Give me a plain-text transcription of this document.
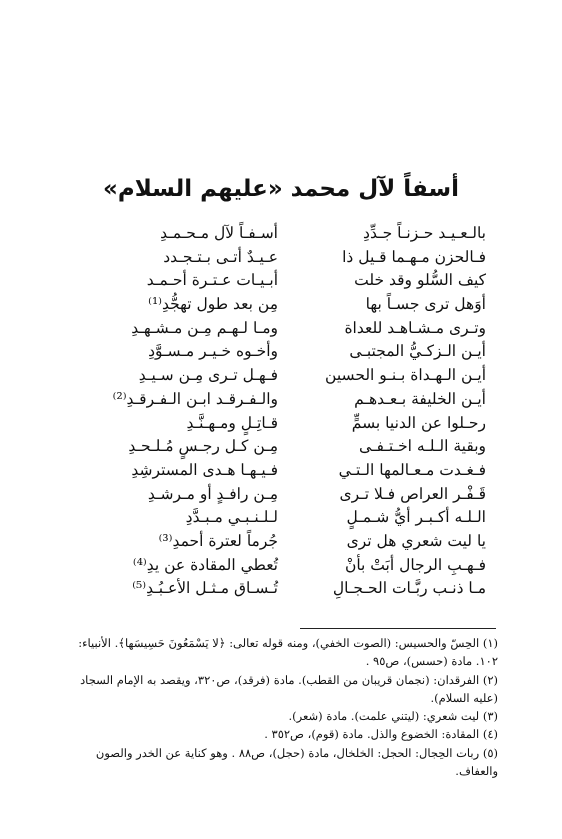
أسفاً لآل محمد «عليهم السلام»
بالـعـيـد حـزنـاً جـدِّدِ
أسـفـاً لآل مـحـمـدِ
فـالحزن مـهـما قـيل ذا
عـيـدٌ أتـى بـتـجـدد
كيف السُّلو وقد خلت
أبـيـات عـتـرة أحـمـد
أوَهل ترى جسـاً بها
مِن بعد طول تهجُّدِ⁽¹⁾
وتـرى مـشـاهـد للعداة
ومـا لـهـم مِـن مـشـهـدِ
أيـن الـزكـيُّ المجتبـى
وأخـوه خـيـر مـسـوَّدِ
أيـن الـهـداة بـنـو الحسين
فـهـل تـرى مِـن سـيـدِ
أيـن الخليفة بـعـدهـم
والـفـرقـد ابـن الـفـرقـدِ⁽²⁾
رحـلوا عن الدنيا بسمٍّ
قـاتِـلٍ ومـهـنَّـدِ
وبقية الـلـه اخـتـفـى
مِـن كـل رجـسٍ مُـلـحـدِ
فـغـدت مـعـالمها الـتـي
فـيـهـا هـدى المسترشِدِ
قَـفْـر العراص فـلا تـرى
مِـن رافـدٍ أو مـرشـدِ
الـلـه أكـبـر أيُّ شـمـلٍ
لـلـنـبـي مـبـدَّدِ
يا ليت شعري هل ترى
جُرماً لعترة أحمدِ⁽³⁾
فـهـبِ الرجال أبَتْ بأنْ
تُعطي المقادة عن يدِ⁽⁴⁾
مـا ذنـب ربَّـات الحـجـالِ
تُـسـاق مـثـل الأعـبُـدِ⁽⁵⁾
(١) الحِسّ والحسيس: (الصوت الخفي)، ومنه قوله تعالى: ﴿لا يَسْمَعُونَ حَسِيسَها﴾. الأنبياء: ١٠٢. مادة (حسس)، ص٩٥ .
(٢) الفرقدان: (نجمان قريبان من القطب). مادة (فرقد)، ص٣٢٠، ويقصد به الإمام السجاد (عليه السلام).
(٣) ليت شعري: (ليتني علمت). مادة (شعر).
(٤) المقادة: الخضوع والذل. مادة (قوم)، ص٣٥٢ .
(٥) ربات الحِجال: الحجل: الخلخال، مادة (حجل)، ص٨٨ . وهو كناية عن الخدر والصون والعفاف.
